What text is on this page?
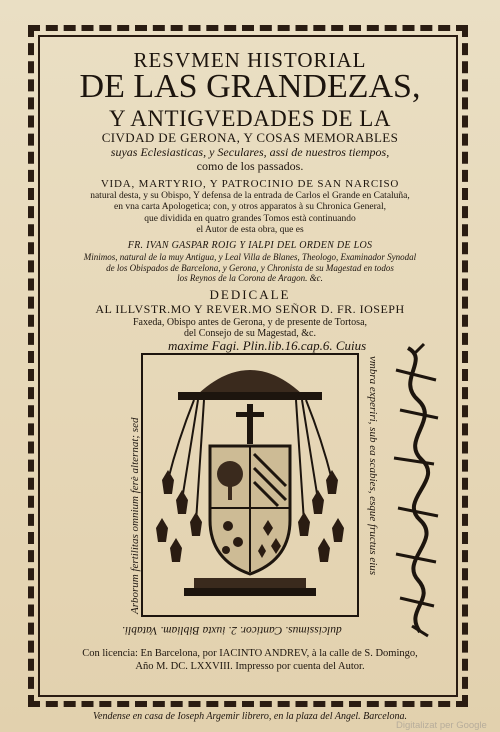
RESVMEN HISTORIAL
DE LAS GRANDEZAS,
Y ANTIGVEDADES DE LA
CIVDAD DE GERONA, Y COSAS MEMORABLES
suyas Eclesiasticas, y Seculares, assi de nuestros tiempos,
como de los passados.
VIDA, MARTYRIO, Y PATROCINIO DE SAN NARCISO
natural desta, y su Obispo, Y defensa de la entrada de Carlos el Grande en Cataluña,
en vna carta Apologetica; con, y otros apparatos à su Chronica General,
que dividida en quatro grandes Tomos està continuando
el Autor de esta obra, que es
FR. IVAN GASPAR ROIG Y IALPI DEL ORDEN DE LOS
Minimos, natural de la muy Antigua, y Leal Villa de Blanes, Theologo, Examinador Synodal
de los Obispados de Barcelona, y Gerona, y Chronista de su Magestad en todos
los Reynos de la Corona de Aragon. &c.
DEDICALE
AL ILLVSTR.MO Y REVER.MO SEÑOR D. FR. IOSEPH
Faxeda, Obispo antes de Gerona, y de presente de Tortosa,
del Consejo de su Magestad, &c.
maxime Fagi. Plin.lib.16.cap.6. Cuius
vmbra experiri, sub ea scabies, esque fructus eius
dulcissimus. Canticor. 2. iuxta Bibliam. Vatabli.
Arborum fertilitas omnium ferè alternat; sed
Con licencia: En Barcelona, por IACINTO ANDREV, à la calle de S. Domingo,
Año M. DC. LXXVIII. Impresso por cuenta del Autor.
Vendense en casa de Ioseph Argemir librero, en la plaza del Angel. Barcelona.
Digitalizat per Google
